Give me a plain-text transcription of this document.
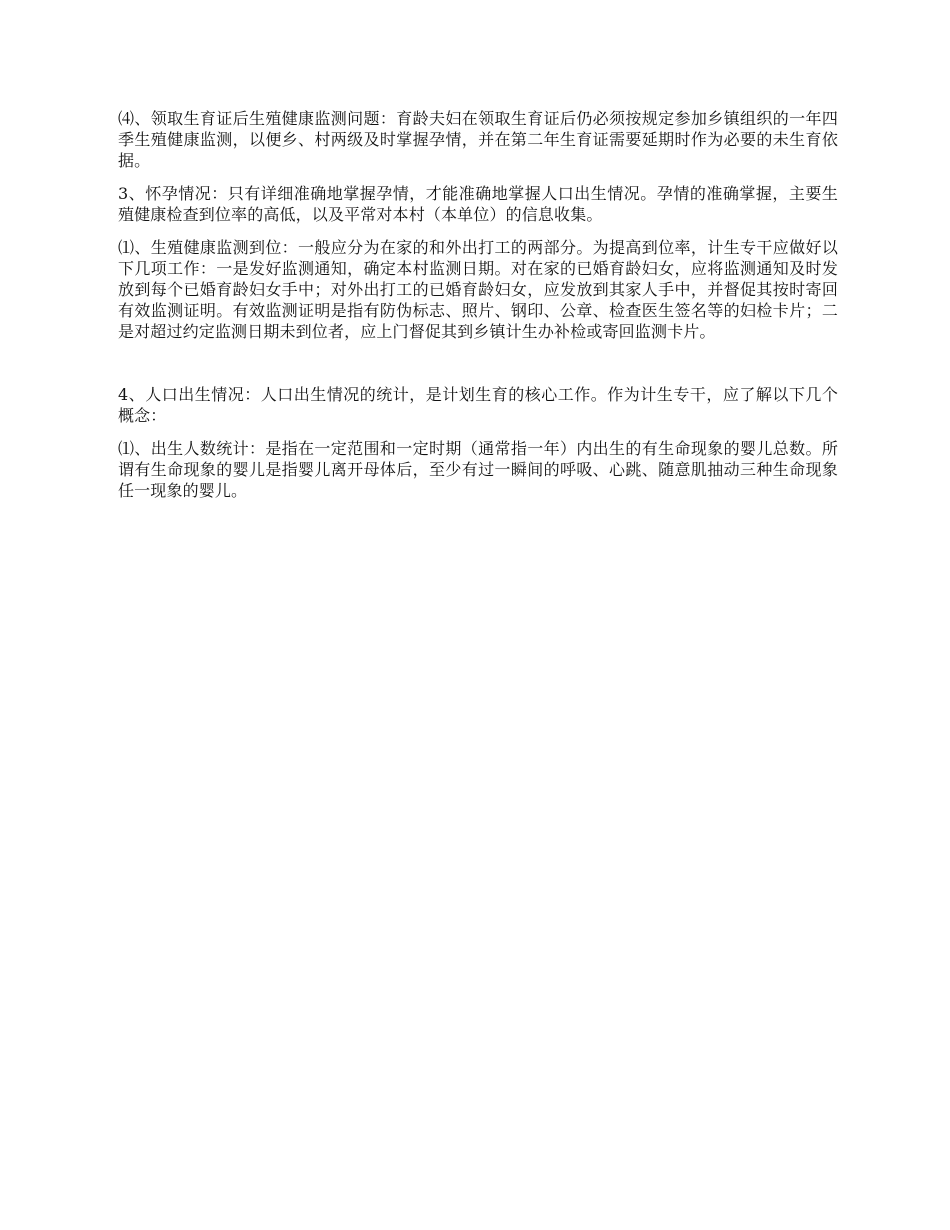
⑷、领取生育证后生殖健康监测问题：育龄夫妇在领取生育证后仍必须按规定参加乡镇组织的一年四季生殖健康监测，以便乡、村两级及时掌握孕情，并在第二年生育证需要延期时作为必要的未生育依据。

3、怀孕情况：只有详细准确地掌握孕情，才能准确地掌握人口出生情况。孕情的准确掌握，主要生殖健康检查到位率的高低，以及平常对本村（本单位）的信息收集。

⑴、生殖健康监测到位：一般应分为在家的和外出打工的两部分。为提高到位率，计生专干应做好以下几项工作：一是发好监测通知，确定本村监测日期。对在家的已婚育龄妇女，应将监测通知及时发放到每个已婚育龄妇女手中；对外出打工的已婚育龄妇女，应发放到其家人手中，并督促其按时寄回有效监测证明。有效监测证明是指有防伪标志、照片、钢印、公章、检查医生签名等的妇检卡片；二是对超过约定监测日期未到位者，应上门督促其到乡镇计生办补检或寄回监测卡片。

4、人口出生情况：人口出生情况的统计，是计划生育的核心工作。作为计生专干，应了解以下几个概念：

⑴、出生人数统计：是指在一定范围和一定时期（通常指一年）内出生的有生命现象的婴儿总数。所谓有生命现象的婴儿是指婴儿离开母体后，至少有过一瞬间的呼吸、心跳、随意肌抽动三种生命现象任一现象的婴儿。
